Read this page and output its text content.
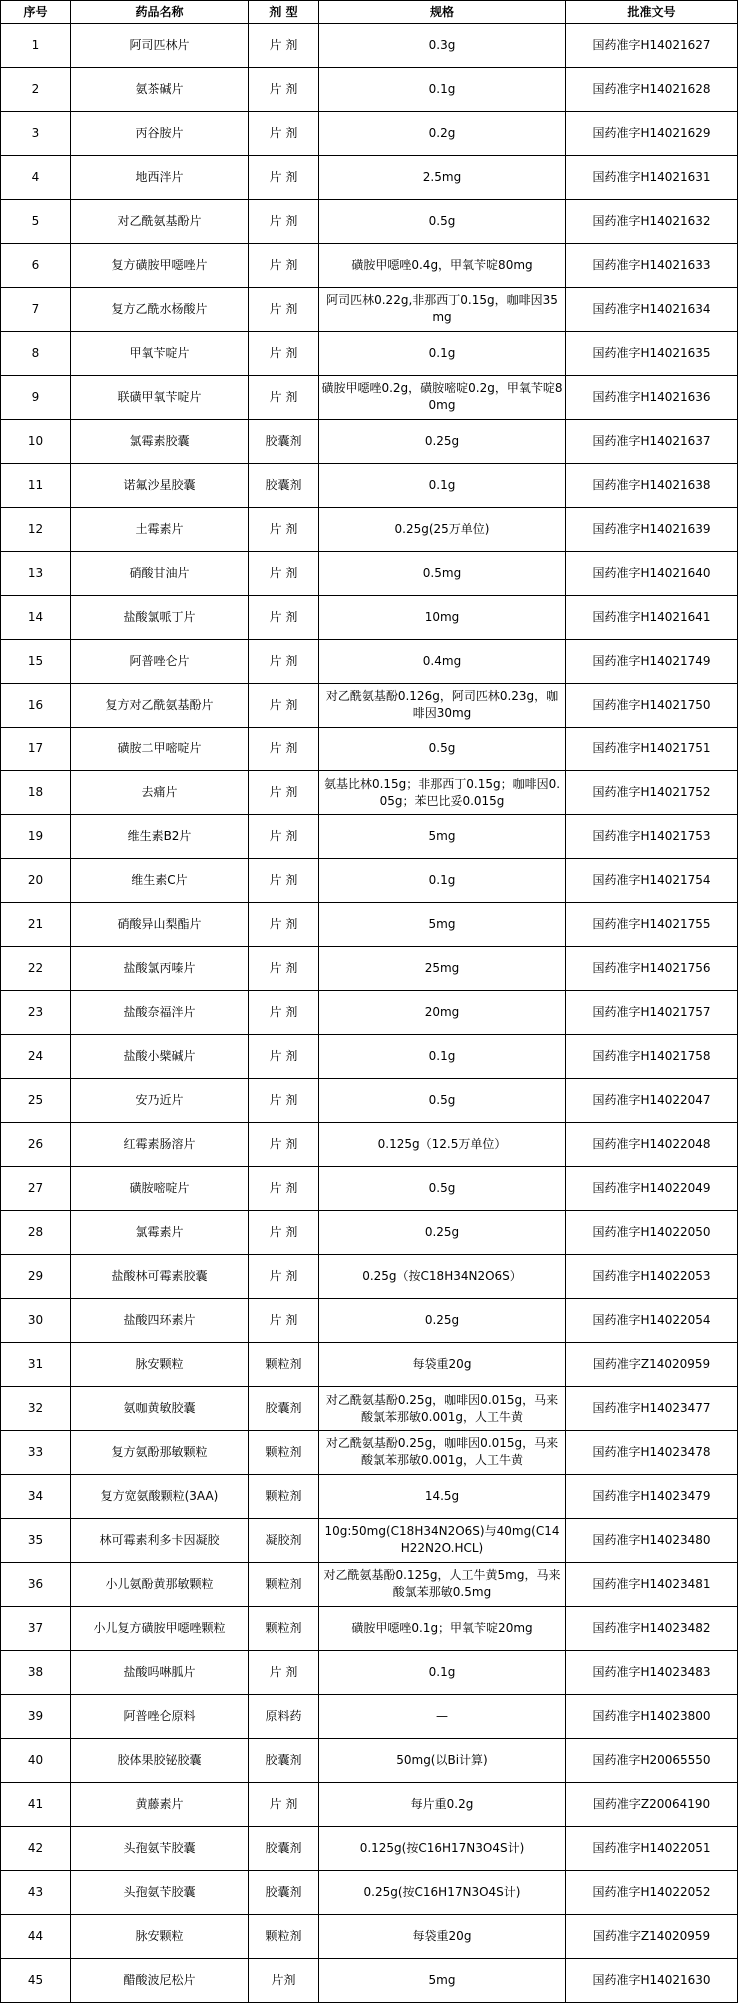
序号	药品名称	剂 型	规格	批准文号
1	阿司匹林片	片 剂	0.3g	国药准字H14021627
2	氨茶碱片	片 剂	0.1g	国药准字H14021628
3	丙谷胺片	片 剂	0.2g	国药准字H14021629
4	地西泮片	片 剂	2.5mg	国药准字H14021631
5	对乙酰氨基酚片	片 剂	0.5g	国药准字H14021632
6	复方磺胺甲噁唑片	片 剂	磺胺甲噁唑0.4g，甲氧苄啶80mg	国药准字H14021633
7	复方乙酰水杨酸片	片 剂	阿司匹林0.22g,非那西丁0.15g，咖啡因35mg	国药准字H14021634
8	甲氧苄啶片	片 剂	0.1g	国药准字H14021635
9	联磺甲氧苄啶片	片 剂	磺胺甲噁唑0.2g，磺胺嘧啶0.2g，甲氧苄啶80mg	国药准字H14021636
10	氯霉素胶囊	胶囊剂	0.25g	国药准字H14021637
11	诺氟沙星胶囊	胶囊剂	0.1g	国药准字H14021638
12	土霉素片	片 剂	0.25g(25万单位)	国药准字H14021639
13	硝酸甘油片	片 剂	0.5mg	国药准字H14021640
14	盐酸氯哌丁片	片 剂	10mg	国药准字H14021641
15	阿普唑仑片	片 剂	0.4mg	国药准字H14021749
16	复方对乙酰氨基酚片	片 剂	对乙酰氨基酚0.126g，阿司匹林0.23g，咖啡因30mg	国药准字H14021750
17	磺胺二甲嘧啶片	片 剂	0.5g	国药准字H14021751
18	去痛片	片 剂	氨基比林0.15g；非那西丁0.15g；咖啡因0.05g；苯巴比妥0.015g	国药准字H14021752
19	维生素B2片	片 剂	5mg	国药准字H14021753
20	维生素C片	片 剂	0.1g	国药准字H14021754
21	硝酸异山梨酯片	片 剂	5mg	国药准字H14021755
22	盐酸氯丙嗪片	片 剂	25mg	国药准字H14021756
23	盐酸奈福泮片	片 剂	20mg	国药准字H14021757
24	盐酸小檗碱片	片 剂	0.1g	国药准字H14021758
25	安乃近片	片 剂	0.5g	国药准字H14022047
26	红霉素肠溶片	片 剂	0.125g（12.5万单位）	国药准字H14022048
27	磺胺嘧啶片	片 剂	0.5g	国药准字H14022049
28	氯霉素片	片 剂	0.25g	国药准字H14022050
29	盐酸林可霉素胶囊	片 剂	0.25g（按C18H34N2O6S）	国药准字H14022053
30	盐酸四环素片	片 剂	0.25g	国药准字H14022054
31	脉安颗粒	颗粒剂	每袋重20g	国药准字Z14020959
32	氨咖黄敏胶囊	胶囊剂	对乙酰氨基酚0.25g，咖啡因0.015g，马来酸氯苯那敏0.001g，人工牛黄	国药准字H14023477
33	复方氨酚那敏颗粒	颗粒剂	对乙酰氨基酚0.25g，咖啡因0.015g，马来酸氯苯那敏0.001g，人工牛黄	国药准字H14023478
34	复方宽氨酸颗粒(3AA)	颗粒剂	14.5g	国药准字H14023479
35	林可霉素利多卡因凝胶	凝胶剂	10g:50mg(C18H34N2O6S)与40mg(C14H22N2O.HCL)	国药准字H14023480
36	小儿氨酚黄那敏颗粒	颗粒剂	对乙酰氨基酚0.125g，人工牛黄5mg，马来酸氯苯那敏0.5mg	国药准字H14023481
37	小儿复方磺胺甲噁唑颗粒	颗粒剂	磺胺甲噁唑0.1g；甲氧苄啶20mg	国药准字H14023482
38	盐酸吗啉胍片	片 剂	0.1g	国药准字H14023483
39	阿普唑仑原料	原料药	—	国药准字H14023800
40	胶体果胶铋胶囊	胶囊剂	50mg(以Bi计算)	国药准字H20065550
41	黄藤素片	片 剂	每片重0.2g	国药准字Z20064190
42	头孢氨苄胶囊	胶囊剂	0.125g(按C16H17N3O4S计)	国药准字H14022051
43	头孢氨苄胶囊	胶囊剂	0.25g(按C16H17N3O4S计)	国药准字H14022052
44	脉安颗粒	颗粒剂	每袋重20g	国药准字Z14020959
45	醋酸波尼松片	片剂	5mg	国药准字H14021630
